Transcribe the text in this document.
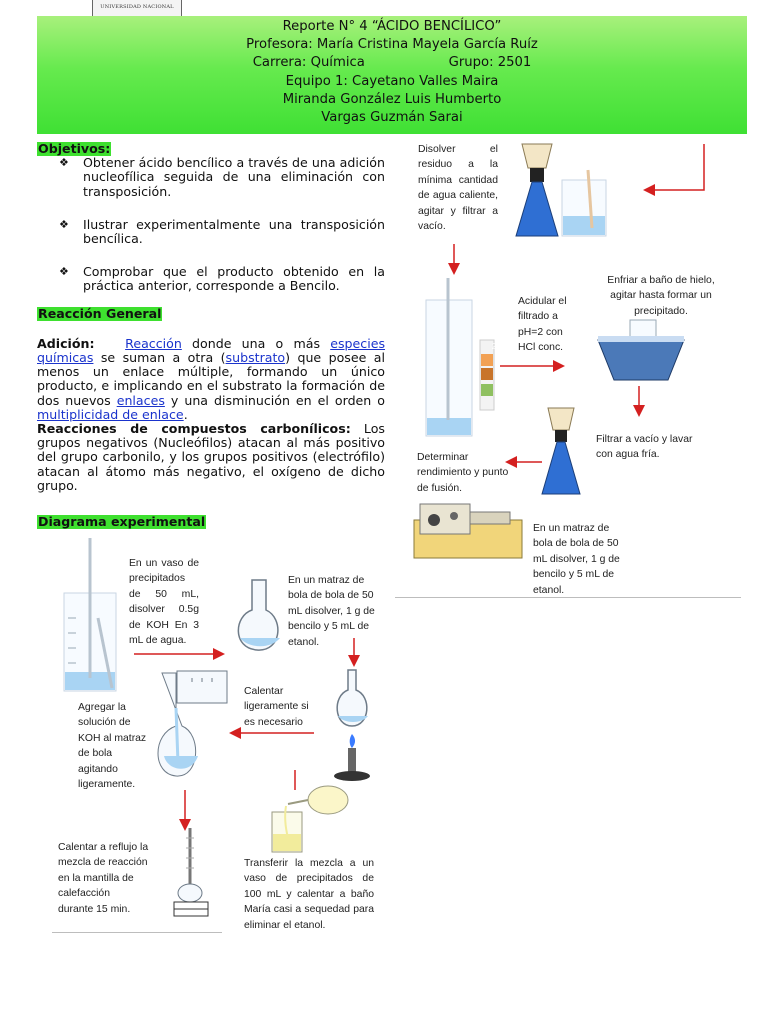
UNIVERSIDAD NACIONAL
Reporte N° 4 “ÁCIDO BENCÍLICO”
Profesora: María Cristina Mayela García Ruíz
Carrera: Química                    Grupo: 2501
Equipo 1: Cayetano Valles Maira
Miranda González Luis Humberto
Vargas Guzmán Sarai
Objetivos:
❖ Obtener ácido bencílico a través de una adición nucleofílica seguida de una eliminación con transposición.
❖ Ilustrar experimentalmente una transposición bencílica.
❖ Comprobar que el producto obtenido en la práctica anterior, corresponde a Bencilo.
Reacción General

Adición: Reacción donde una o más especies químicas se suman a otra (substrato) que posee al menos un enlace múltiple, formando un único producto, e implicando en el substrato la formación de dos nuevos enlaces y una disminución en el orden o multiplicidad de enlace.

Reacciones de compuestos carbonílicos: Los grupos negativos (Nucleófilos) atacan al más positivo del grupo carbonilo, y los grupos positivos (electrófilo) atacan al átomo más negativo, el oxígeno de dicho grupo.

Diagrama experimental
En un vaso de
precipitados
de 50 mL,
disolver 0.5g
de KOH En 3
mL de agua.
En un matraz de
bola de bola de 50
mL disolver, 1 g de
bencilo y 5 mL de
etanol.
Calentar
ligeramente si
es necesario
Agregar la
solución de
KOH al matraz
de bola
agitando
ligeramente.
Calentar a reflujo la
mezcla de reacción
en la mantilla de
calefacción
durante 15 min.
Transferir la mezcla a un
vaso de precipitados de
100 mL y calentar a baño
María casi a sequedad para
eliminar el etanol.
Disolver el
residuo a la
mínima cantidad
de agua caliente,
agitar y filtrar a
vacío.
Acidular el
filtrado a
pH=2 con
HCl conc.
2
Enfriar a baño de hielo,
agitar hasta formar un
precipitado.
Filtrar a vacío y lavar
con agua fría.
Determinar
rendimiento y punto
de fusión.
En un matraz de
bola de bola de 50
mL disolver, 1 g de
bencilo y 5 mL de
etanol.
